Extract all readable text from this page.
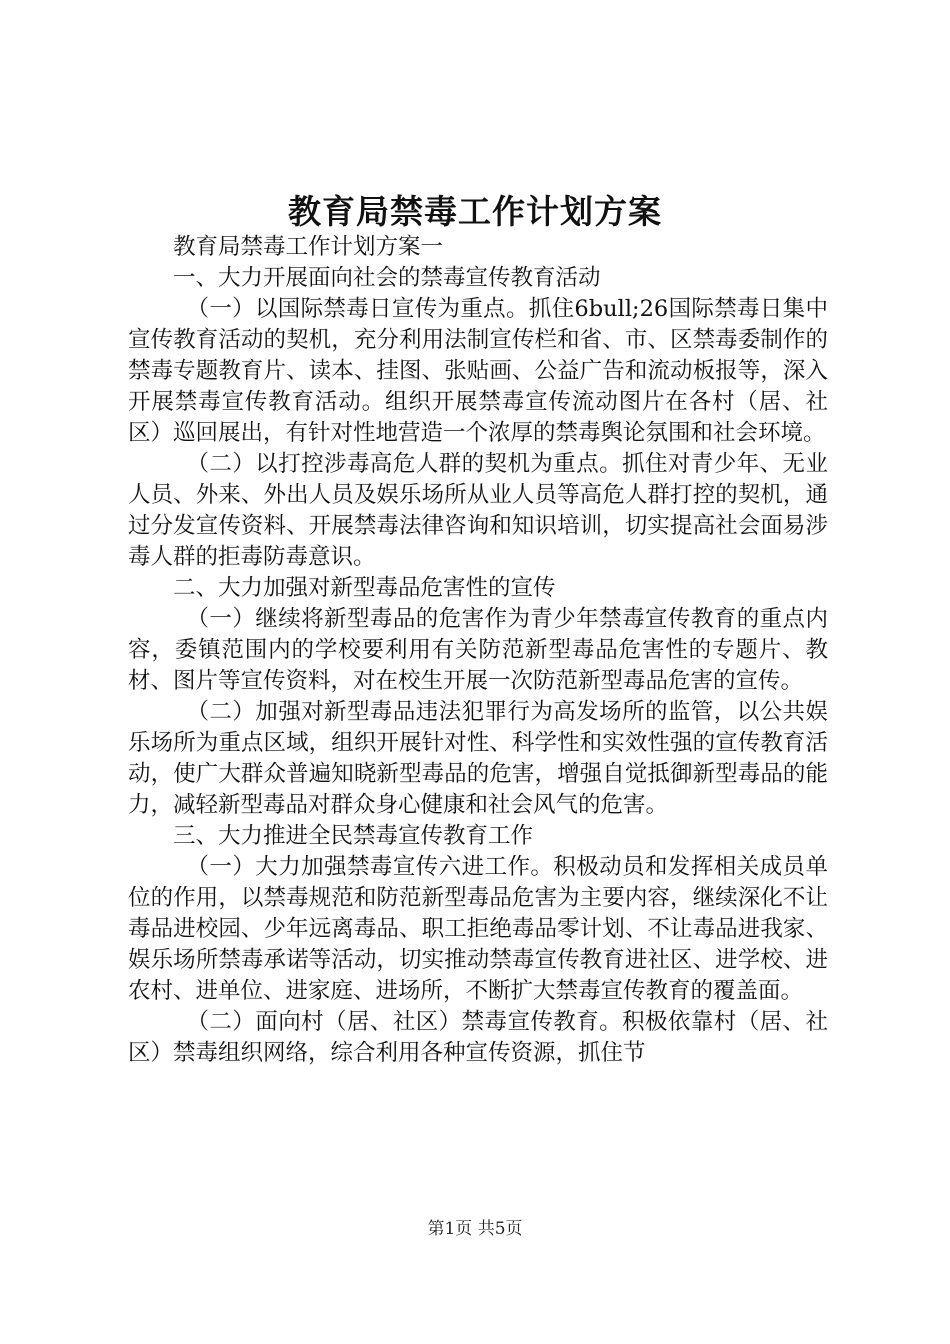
教育局禁毒工作计划方案

教育局禁毒工作计划方案一

一、大力开展面向社会的禁毒宣传教育活动

（一）以国际禁毒日宣传为重点。抓住6bull;26国际禁毒日集中宣传教育活动的契机，充分利用法制宣传栏和省、市、区禁毒委制作的禁毒专题教育片、读本、挂图、张贴画、公益广告和流动板报等，深入开展禁毒宣传教育活动。组织开展禁毒宣传流动图片在各村（居、社区）巡回展出，有针对性地营造一个浓厚的禁毒舆论氛围和社会环境。

（二）以打控涉毒高危人群的契机为重点。抓住对青少年、无业人员、外来、外出人员及娱乐场所从业人员等高危人群打控的契机，通过分发宣传资料、开展禁毒法律咨询和知识培训，切实提高社会面易涉毒人群的拒毒防毒意识。

二、大力加强对新型毒品危害性的宣传

（一）继续将新型毒品的危害作为青少年禁毒宣传教育的重点内容，委镇范围内的学校要利用有关防范新型毒品危害性的专题片、教材、图片等宣传资料，对在校生开展一次防范新型毒品危害的宣传。

（二）加强对新型毒品违法犯罪行为高发场所的监管，以公共娱乐场所为重点区域，组织开展针对性、科学性和实效性强的宣传教育活动，使广大群众普遍知晓新型毒品的危害，增强自觉抵御新型毒品的能力，减轻新型毒品对群众身心健康和社会风气的危害。

三、大力推进全民禁毒宣传教育工作

（一）大力加强禁毒宣传六进工作。积极动员和发挥相关成员单位的作用，以禁毒规范和防范新型毒品危害为主要内容，继续深化不让毒品进校园、少年远离毒品、职工拒绝毒品零计划、不让毒品进我家、娱乐场所禁毒承诺等活动，切实推动禁毒宣传教育进社区、进学校、进农村、进单位、进家庭、进场所，不断扩大禁毒宣传教育的覆盖面。

（二）面向村（居、社区）禁毒宣传教育。积极依靠村（居、社区）禁毒组织网络，综合利用各种宣传资源，抓住节

第1页 共5页
